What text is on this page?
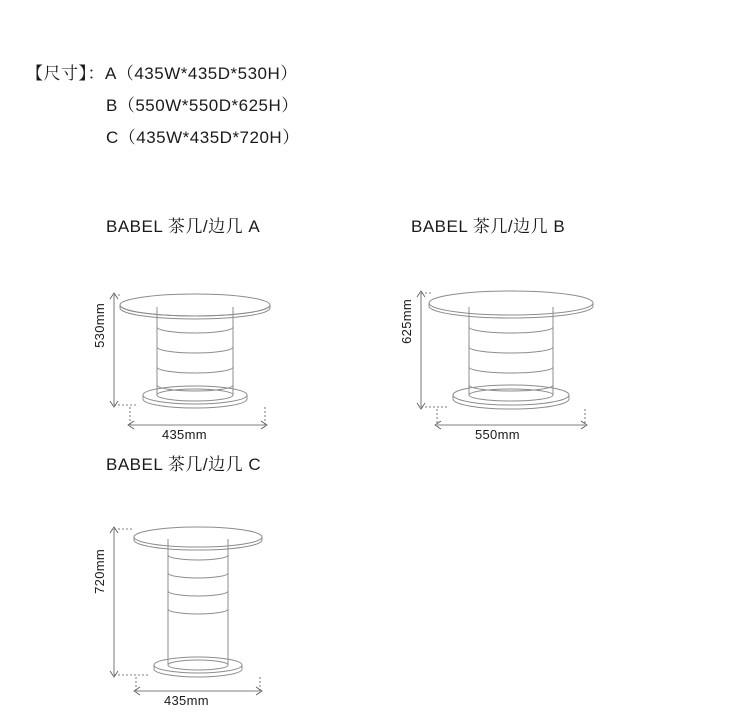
【尺寸】：A（435W*435D*530H）
B（550W*550D*625H）
C（435W*435D*720H）
BABEL 茶几/边几 A
530mm
435mm
BABEL 茶几/边几 B
625mm
550mm
BABEL 茶几/边几 C
720mm
435mm
